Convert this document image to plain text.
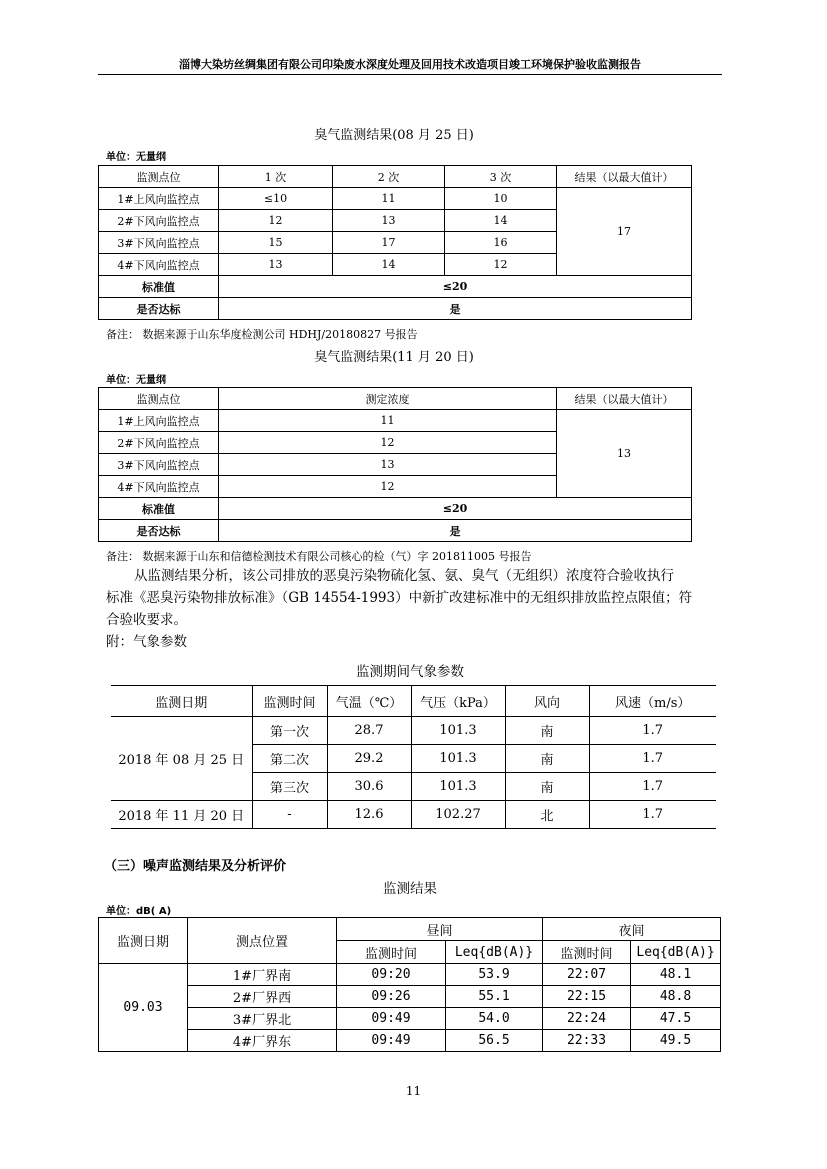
淄博大染坊丝绸集团有限公司印染废水深度处理及回用技术改造项目竣工环境保护验收监测报告
臭气监测结果(08 月 25 日)
单位：无量纲
监测点位	1 次	2 次	3 次	结果（以最大值计）
1#上风向监控点	≤10	11	10	17
2#下风向监控点	12	13	14	
3#下风向监控点	15	17	16	
4#下风向监控点	13	14	12	
标准值	≤20			
是否达标	是			
备注： 数据来源于山东华度检测公司 HDHJ/20180827 号报告
臭气监测结果(11 月 20 日)
单位：无量纲
监测点位	测定浓度	结果（以最大值计）
1#上风向监控点	11	13
2#下风向监控点	12	
3#下风向监控点	13	
4#下风向监控点	12	
标准值	≤20	
是否达标	是	
备注： 数据来源于山东和信德检测技术有限公司核心的检（气）字 201811005 号报告
从监测结果分析，该公司排放的恶臭污染物硫化氢、氨、臭气（无组织）浓度符合验收执行
标准《恶臭污染物排放标准》（GB 14554-1993）中新扩改建标准中的无组织排放监控点限值；符
合验收要求。
附：气象参数
监测期间气象参数
监测日期	监测时间	气温（℃）	气压（kPa）	风向	风速（m/s）
2018 年 08 月 25 日	第一次	28.7	101.3	南	1.7
	第二次	29.2	101.3	南	1.7
	第三次	30.6	101.3	南	1.7
2018 年 11 月 20 日	-	12.6	102.27	北	1.7
（三）噪声监测结果及分析评价
监测结果
单位：dB( A)
监测日期	测点位置	昼间		夜间	
		监测时间	Leq{dB(A)}	监测时间	Leq{dB(A)}
09.03	1#厂界南	09:20	53.9	22:07	48.1
	2#厂界西	09:26	55.1	22:15	48.8
	3#厂界北	09:49	54.0	22:24	47.5
	4#厂界东	09:49	56.5	22:33	49.5
11
